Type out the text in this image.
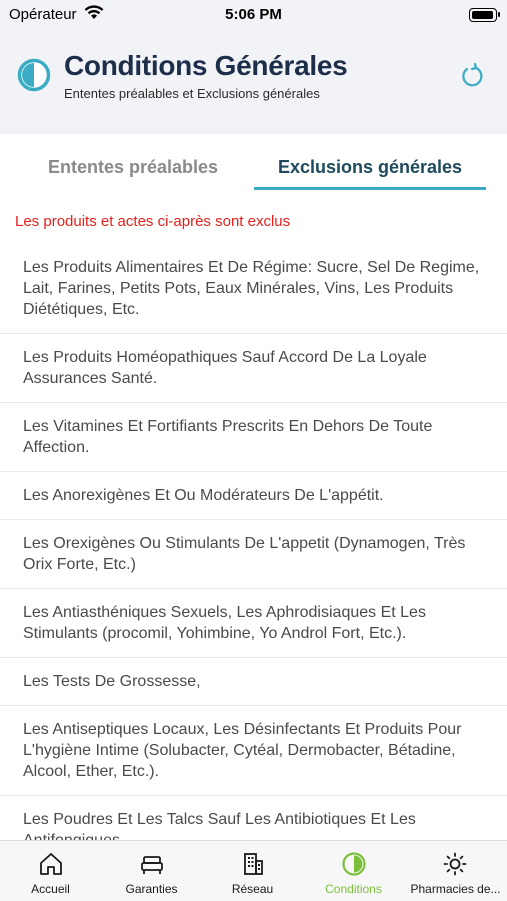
Opérateur	5:06 PM
Conditions Générales
Ententes préalables et Exclusions générales
Ententes préalables	Exclusions générales
Les produits et actes ci-après sont exclus
Les Produits Alimentaires Et De Régime: Sucre, Sel De Regime, Lait, Farines, Petits Pots, Eaux Minérales, Vins, Les Produits Diététiques, Etc.
Les Produits Homéopathiques Sauf Accord De La Loyale Assurances Santé.
Les Vitamines Et Fortifiants Prescrits En Dehors De Toute Affection.
Les Anorexigènes Et Ou Modérateurs De L'appétit.
Les Orexigènes Ou Stimulants De L'appetit (Dynamogen, Très Orix Forte, Etc.)
Les Antiasthéniques Sexuels, Les Aphrodisiaques Et Les Stimulants (procomil, Yohimbine, Yo Androl Fort, Etc.).
Les Tests De Grossesse,
Les Antiseptiques Locaux, Les Désinfectants Et Produits Pour L'hygiène Intime (Solubacter, Cytéal, Dermobacter, Bétadine, Alcool, Ether, Etc.).
Les Poudres Et Les Talcs Sauf Les Antibiotiques Et Les
Accueil	Garanties	Réseau	Conditions	Pharmacies de...
